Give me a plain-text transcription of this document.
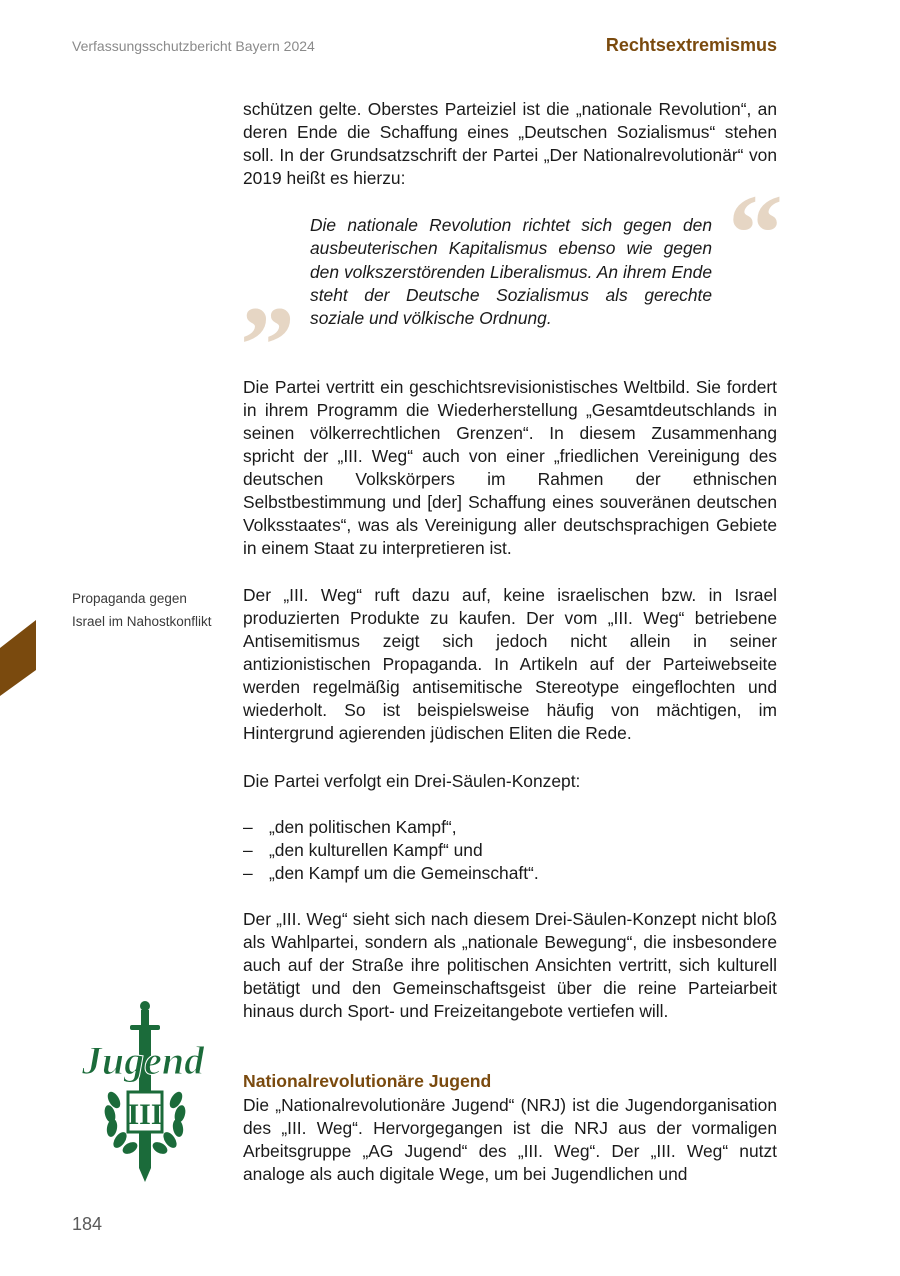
Verfassungsschutzbericht Bayern 2024	Rechtsextremismus

schützen gelte. Oberstes Parteiziel ist die „nationale Revolution“, an deren Ende die Schaffung eines „Deutschen Sozialismus“ stehen soll. In der Grundsatzschrift der Partei „Der Nationalrevolutionär“ von 2019 heißt es hierzu:	“
Die nationale Revolution richtet sich gegen den ausbeuterischen Kapitalismus ebenso wie gegen den volkszerstörenden Liberalismus. An ihrem Ende steht der Deutsche Sozialismus als gerechte soziale und völkische Ordnung.
”

Die Partei vertritt ein geschichtsrevisionistisches Weltbild. Sie fordert in ihrem Programm die Wiederherstellung „Gesamtdeutschlands in seinen völkerrechtlichen Grenzen“. In diesem Zusammenhang spricht der „III. Weg“ auch von einer „friedlichen Vereinigung des deutschen Volkskörpers im Rahmen der ethnischen Selbstbestimmung und [der] Schaffung eines souveränen deutschen Volksstaates“, was als Vereinigung aller deutschsprachigen Gebiete in einem Staat zu interpretieren ist.

Propaganda gegen Israel im Nahostkonflikt

Der „III. Weg“ ruft dazu auf, keine israelischen bzw. in Israel produzierten Produkte zu kaufen. Der vom „III. Weg“ betriebene Antisemitismus zeigt sich jedoch nicht allein in seiner antizionistischen Propaganda. In Artikeln auf der Parteiwebseite werden regelmäßig antisemitische Stereotype eingeflochten und wiederholt. So ist beispielsweise häufig von mächtigen, im Hintergrund agierenden jüdischen Eliten die Rede.

Die Partei verfolgt ein Drei-Säulen-Konzept:

– „den politischen Kampf“,
– „den kulturellen Kampf“ und
– „den Kampf um die Gemeinschaft“.

Der „III. Weg“ sieht sich nach diesem Drei-Säulen-Konzept nicht bloß als Wahlpartei, sondern als „nationale Bewegung“, die insbesondere auch auf der Straße ihre politischen Ansichten vertritt, sich kulturell betätigt und den Gemeinschaftsgeist über die reine Parteiarbeit hinaus durch Sport- und Freizeitangebote vertiefen will.

III
Jugend Nationalrevolutionäre Jugend

Die „Nationalrevolutionäre Jugend“ (NRJ) ist die Jugendorganisation des „III. Weg“. Hervorgegangen ist die NRJ aus der vormaligen Arbeitsgruppe „AG Jugend“ des „III. Weg“. Der „III. Weg“ nutzt analoge als auch digitale Wege, um bei Jugendlichen und

184
